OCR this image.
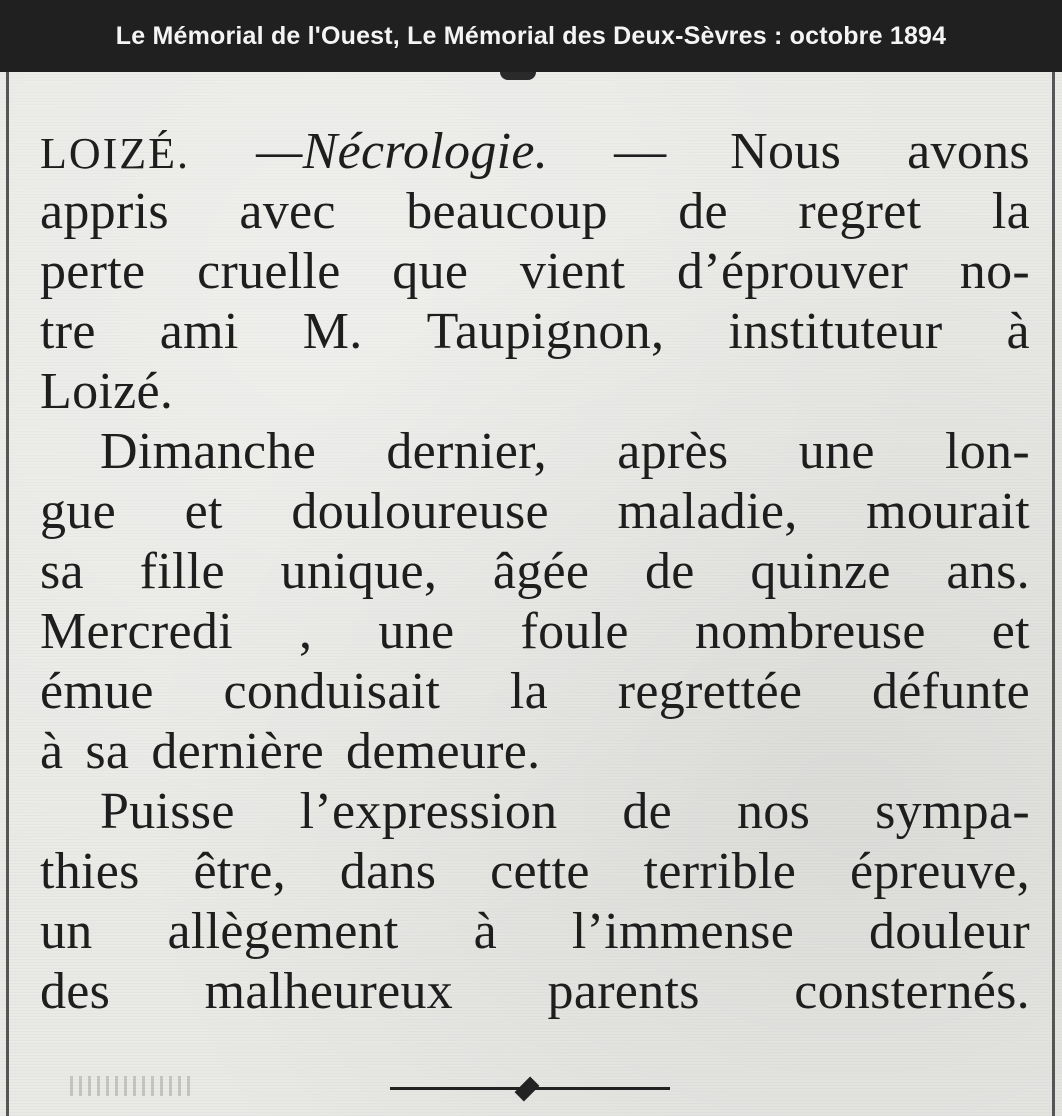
Le Mémorial de l'Ouest, Le Mémorial des Deux-Sèvres : octobre 1894
LOIZÉ. —Nécrologie. — Nous avons
appris avec beaucoup de regret la
perte cruelle que vient d’éprouver no-
tre ami M. Taupignon, instituteur à
Loizé.
Dimanche dernier, après une lon-
gue et douloureuse maladie, mourait
sa fille unique, âgée de quinze ans.
Mercredi , une foule nombreuse et
émue conduisait la regrettée défunte
à sa dernière demeure.
Puisse l’expression de nos sympa-
thies être, dans cette terrible épreuve,
un allègement à l’immense douleur
des malheureux parents consternés.
